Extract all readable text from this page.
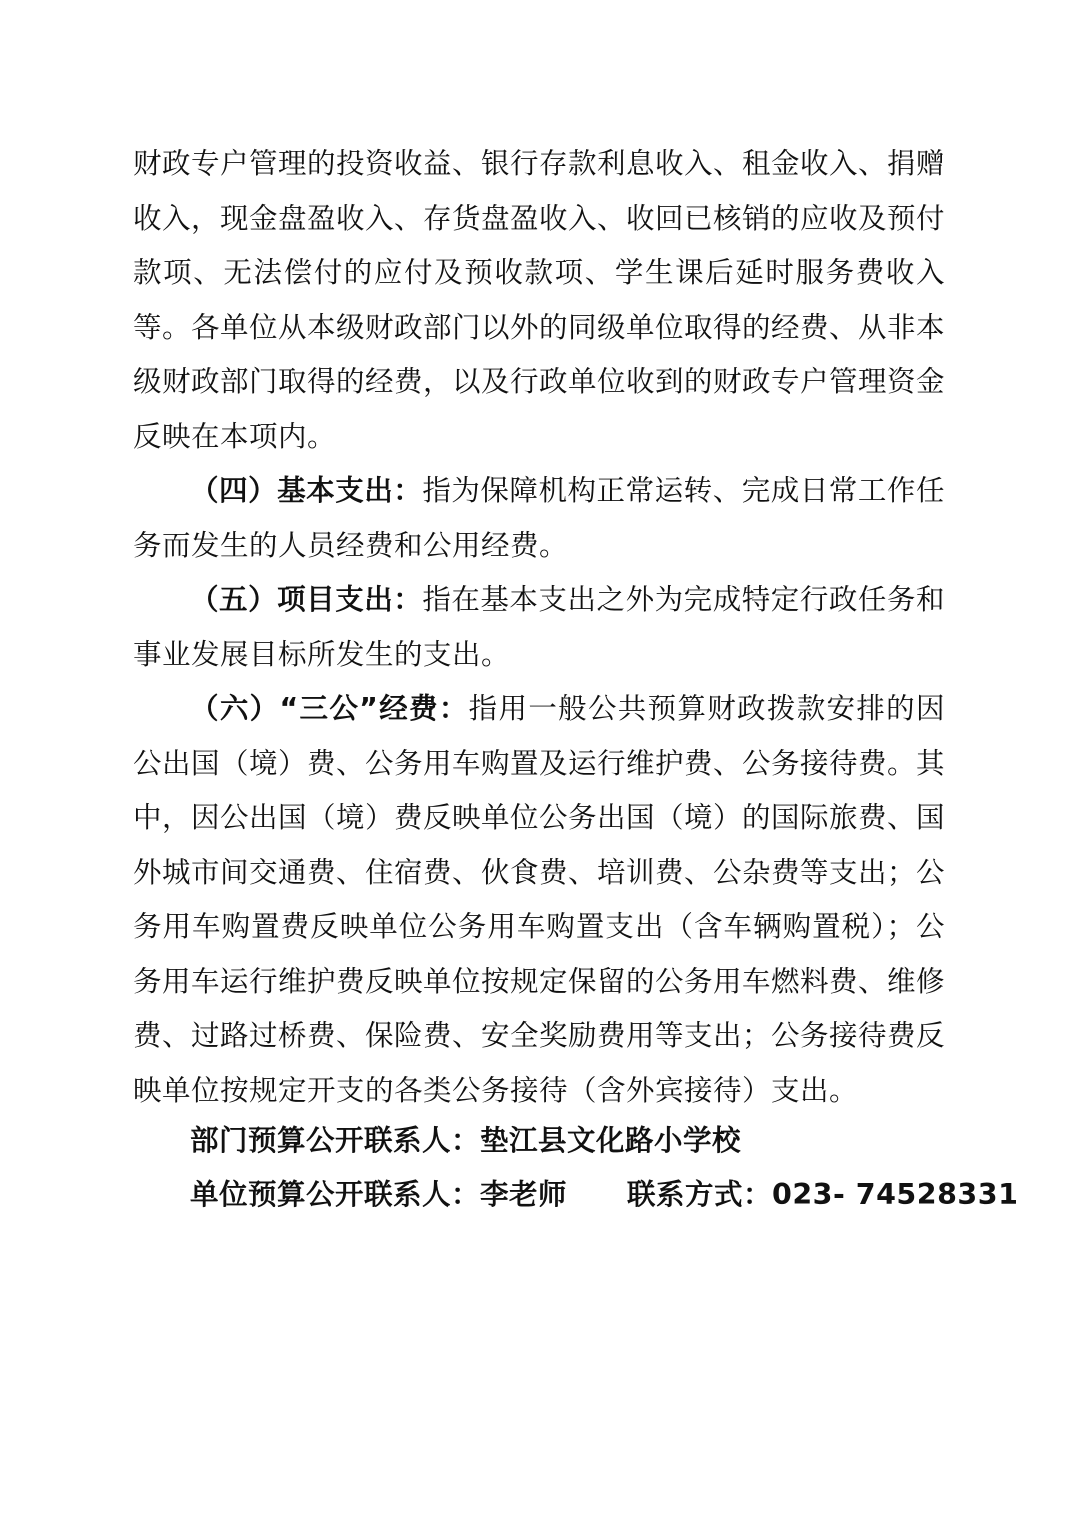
财政专户管理的投资收益、银行存款利息收入、租金收入、捐赠收入，现金盘盈收入、存货盘盈收入、收回已核销的应收及预付款项、无法偿付的应付及预收款项、学生课后延时服务费收入等。各单位从本级财政部门以外的同级单位取得的经费、从非本级财政部门取得的经费，以及行政单位收到的财政专户管理资金反映在本项内。

（四）基本支出：指为保障机构正常运转、完成日常工作任务而发生的人员经费和公用经费。

（五）项目支出：指在基本支出之外为完成特定行政任务和事业发展目标所发生的支出。

（六）“三公”经费：指用一般公共预算财政拨款安排的因公出国（境）费、公务用车购置及运行维护费、公务接待费。其中，因公出国（境）费反映单位公务出国（境）的国际旅费、国外城市间交通费、住宿费、伙食费、培训费、公杂费等支出；公务用车购置费反映单位公务用车购置支出（含车辆购置税）；公务用车运行维护费反映单位按规定保留的公务用车燃料费、维修费、过路过桥费、保险费、安全奖励费用等支出；公务接待费反映单位按规定开支的各类公务接待（含外宾接待）支出。

部门预算公开联系人：垫江县文化路小学校
单位预算公开联系人：李老师 联系方式：023- 74528331
